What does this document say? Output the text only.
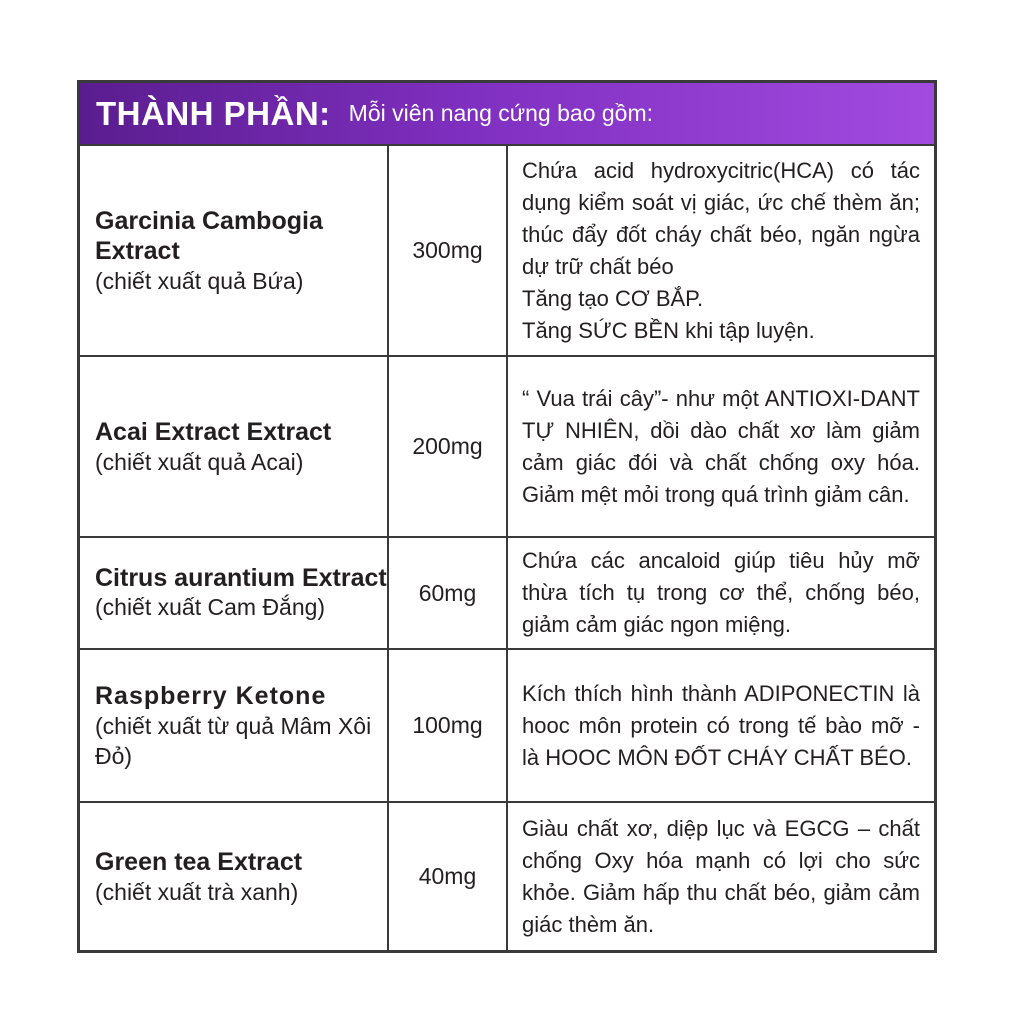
THÀNH PHẦN: Mỗi viên nang cứng bao gồm:
Garcinia Cambogia Extract
(chiết xuất quả Bứa)
300mg
Chứa acid hydroxycitric(HCA) có tác dụng kiểm soát vị giác, ức chế thèm ăn; thúc đẩy đốt cháy chất béo, ngăn ngừa dự trữ chất béo
Tăng tạo CƠ BẮP.
Tăng SỨC BỀN khi tập luyện.
Acai Extract Extract
(chiết xuất quả Acai)
200mg
“ Vua trái cây”- như một ANTIOXI-DANT TỰ NHIÊN, dồi dào chất xơ làm giảm cảm giác đói và chất chống oxy hóa. Giảm mệt mỏi trong quá trình giảm cân.
Citrus aurantium Extract
(chiết xuất Cam Đắng)
60mg
Chứa các ancaloid giúp tiêu hủy mỡ thừa tích tụ trong cơ thể, chống béo, giảm cảm giác ngon miệng.
Raspberry Ketone
(chiết xuất từ quả Mâm Xôi Đỏ)
100mg
Kích thích hình thành ADIPONECTIN là hooc môn protein có trong tế bào mỡ - là HOOC MÔN ĐỐT CHÁY CHẤT BÉO.
Green tea Extract
(chiết xuất trà xanh)
40mg
Giàu chất xơ, diệp lục và EGCG – chất chống Oxy hóa mạnh có lợi cho sức khỏe. Giảm hấp thu chất béo, giảm cảm giác thèm ăn.
